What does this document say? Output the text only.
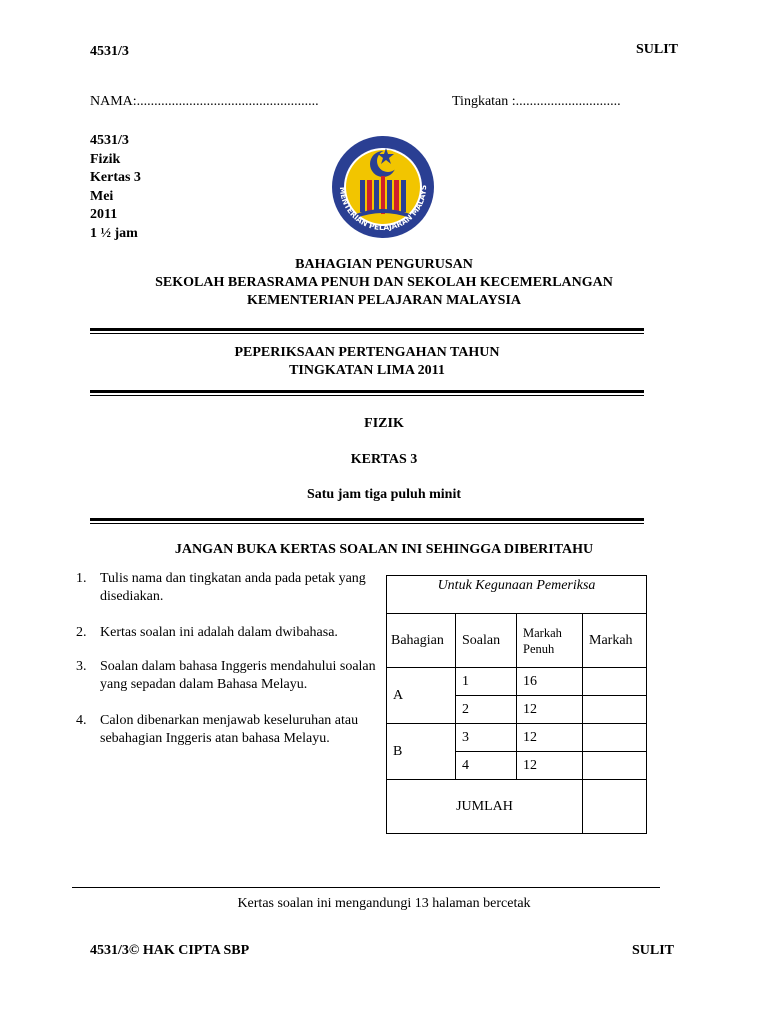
4531/3	SULIT
NAMA:....................................................	Tingkatan :..............................
4531/3
Fizik
Kertas 3
Mei
2011
1 ½ jam
MENTERIAN PELAJARAN MALAYS
BAHAGIAN PENGURUSAN
SEKOLAH BERASRAMA PENUH DAN SEKOLAH KECEMERLANGAN
KEMENTERIAN PELAJARAN MALAYSIA
PEPERIKSAAN PERTENGAHAN TAHUN
TINGKATAN LIMA 2011
FIZIK
KERTAS 3
Satu jam tiga puluh minit
JANGAN BUKA KERTAS SOALAN INI SEHINGGA DIBERITAHU
1. Tulis nama dan tingkatan anda pada petak yang disediakan.
2. Kertas soalan ini adalah dalam dwibahasa.
3. Soalan dalam bahasa Inggeris mendahului soalan yang sepadan dalam Bahasa Melayu.
4. Calon dibenarkan menjawab keseluruhan atau sebahagian Inggeris atan bahasa Melayu.
Untuk Kegunaan Pemeriksa			
Bahagian	Soalan	Markah Penuh	Markah
A	1	16	
	2	12	
B	3	12	
	4	12	
JUMLAH			
Kertas soalan ini mengandungi 13 halaman bercetak
4531/3© HAK CIPTA SBP	SULIT
